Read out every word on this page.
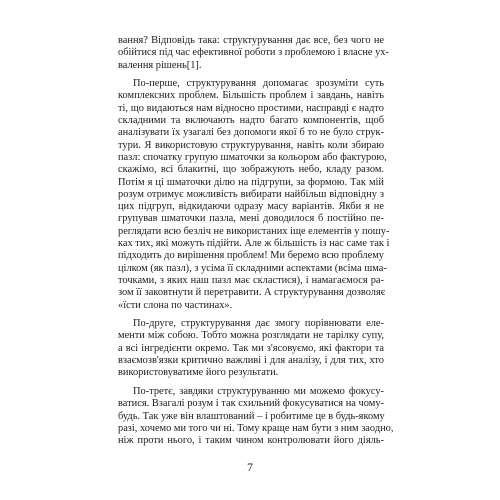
вання? Відповідь така: структурування дає все, без чого не
обійтися під час ефективної роботи з проблемою і власне ух-
валення рішень[1].
По-перше, структурування допомагає зрозуміти суть
комплексних проблем. Більшість проблем і завдань, навіть
ті, що видаються нам відносно простими, насправді є надто
складними та включають надто багато компонентів, щоб
аналізувати їх узагалі без допомоги якої б то не було струк-
тури. Я використовую структурування, навіть коли збираю
пазл: спочатку групую шматочки за кольором або фактурою,
скажімо, всі блакитні, що зображують небо, кладу разом.
Потім я ці шматочки ділю на підгрупи, за формою. Так мій
розум отримує можливість вибирати найбільш відповідну з
цих підгруп, відкидаючи одразу масу варіантів. Якби я не
групував шматочки пазла, мені доводилося б постійно пе-
реглядати всю безліч не використаних іще елементів у пошу-
ках тих, які можуть підійти. Але ж більшість із нас саме так і
підходить до вирішення проблем! Ми беремо всю проблему
цілком (як пазл), з усіма її складними аспектами (всіма шма-
точками, з яких наш пазл має скластися), і намагаємося ра-
зом її заковтнути й перетравити. А структурування дозволяє
«їсти слона по частинах».
По-друге, структурування дає змогу порівнювати еле-
менти між собою. Тобто можна розглядати не тарілку супу,
а всі інгредієнти окремо. Так ми з'ясовуємо, які фактори та
взаємозв'язки критично важливі і для аналізу, і для тих, хто
використовуватиме його результати.
По-третє, завдяки структуруванню ми можемо фокусу-
ватися. Взагалі розум і так схильний фокусуватися на чому-
будь. Так уже він влаштований – і робитиме це в будь-якому
разі, хочемо ми того чи ні. Тому краще нам бути з ним заодно,
ніж проти нього, і таким чином контролювати його діяль-
7
